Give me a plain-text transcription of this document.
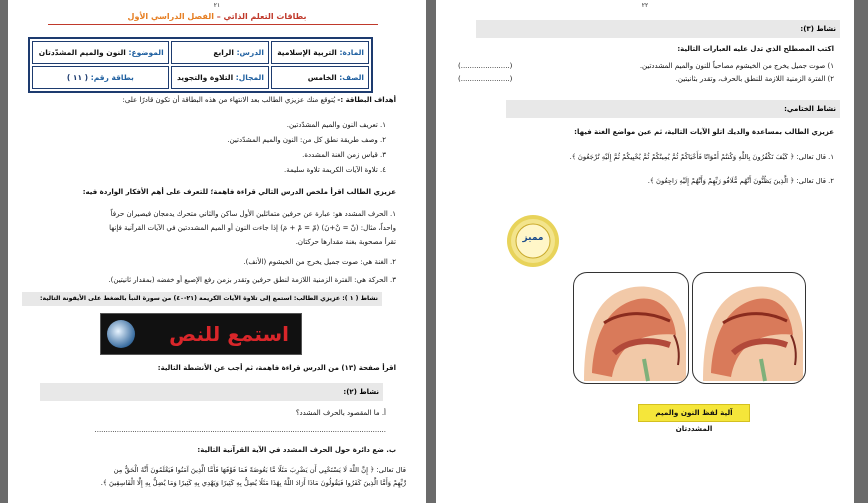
٢١
بطاقات التعلم الذاتي – الفصل الدراسي الأول
المادة: التربية الإسلامية	الدرس: الرابع	الموضوع: النون والميم المشدّدتان
الصف: الخامس	المجال: التلاوة والتجويد	بطاقة رقم: ( ١١ )
أهداف البطاقة :- يُتوقع منك عزيزي الطالب بعد الانتهاء من هذه البطاقة أن تكون قادرًا على:
١. تعريف النون والميم المشدّدتين.
٢. وصف طريقة نطق كل من: النون والميم المشدّدتين.
٣. قياس زمن الغنة المشددة.
٤. تلاوة الآيات الكريمة تلاوة سليمة.
عزيزي الطالب اقرأ ملخص الدرس التالي قراءة فاهمة؛ للتعرف على أهم الأفكار الواردة فيه:
١. الحرف المشدد هو: عبارة عن حرفين متماثلين الأول ساكن والثاني متحرك يدمجان فيصيران حرفاً
واحداً، مثال: (نّ = نْ+نَ) (مّ = مْ + مَ) إذا جاءت النون أو الميم المشددتين في الآيات القرآنية فإنها
تقرأ مصحوبة بغنة مقدارها حركتان.
٢. الغنة هي: صوت جميل يخرج من الخيشوم (الأنف).
٣. الحركة هي: الفترة الزمنية اللازمة لنطق حرفين وتقدر بزمن رفع الإصبع أو خفضه (بمقدار ثانيتين).
نشاط ( ١ ): عزيزي الطالب: استمع إلى تلاوة الآيات الكريمة (٢١-٤٠) من سورة النبأ بالضغط على الأيقونة التالية:
استمع للنص
اقرأ صفحة (١٣) من الدرس قراءة فاهمة، ثم أجب عن الأنشطة التالية:
نشاط (٢):
أ. ما المقصود بالحرف المشدد؟
...................................................................................................................................
ب. ضع دائرة حول الحرف المشدد في الآية القرآنية التالية:
قال تعالى: ﴿ إِنَّ اللَّهَ لَا يَسْتَحْيِي أَن يَضْرِبَ مَثَلًا مَّا بَعُوضَةً فَمَا فَوْقَهَا فَأَمَّا الَّذِينَ آمَنُوا فَيَعْلَمُونَ أَنَّهُ الْحَقُّ مِن
رَّبِّهِمْ وَأَمَّا الَّذِينَ كَفَرُوا فَيَقُولُونَ مَاذَا أَرَادَ اللَّهُ بِهَٰذَا مَثَلًا يُضِلُّ بِهِ كَثِيرًا وَيَهْدِي بِهِ كَثِيرًا وَمَا يُضِلُّ بِهِ إِلَّا الْفَاسِقِينَ ﴾.
٢٢
نشاط (٣):
اكتب المصطلح الذي تدل عليه العبارات التالية:
١) صوت جميل يخرج من الخيشوم مصاحباً للنون والميم المشددتين.
(......................)
٢) الفترة الزمنية اللازمة للنطق بالحرف، وتقدر بثانيتين.
(......................)
نشاط الختامي:
عزيزي الطالب بمساعدة والديك اتلو الآيات التالية، ثم عين مواضع الغنة فيها:
١. قال تعالى: ﴿ كَيْفَ تَكْفُرُونَ بِاللَّهِ وَكُنتُمْ أَمْوَاتًا فَأَحْيَاكُمْ ثُمَّ يُمِيتُكُمْ ثُمَّ يُحْيِيكُمْ ثُمَّ إِلَيْهِ تُرْجَعُونَ ﴾.
٢. قال تعالى: ﴿ الَّذِينَ يَظُنُّونَ أَنَّهُم مُّلَاقُو رَبِّهِمْ وَأَنَّهُمْ إِلَيْهِ رَاجِعُونَ ﴾.
مميز
آلية لفظ النون والميم المشددتان
